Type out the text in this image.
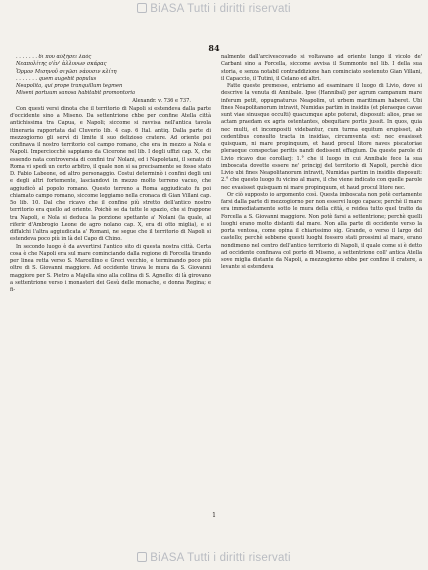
BiASA Tutti i diritti riservati
84
. . . . . . . δι που αὐξήσει λαὸς
Νεαπολίτης ο'ἐν' ἀλλυνων σκάρας
Ὄρμον Μισηνοῦ σιγῶσι νάουσιν κλίτη
. . . . . . . quem augebit populus
Neapolita, qui prope tranquillum tegmen
Miseni portuum sanosa habitabit promontoria
Alexandr. v. 736 e 737.

Con questi versi dinota che il territorio di Napoli si estendeva dalla parte d'occidente sino a Miseno. Da settentrione chbe per confine Atella città antichissima tra Capua, e Napoli; siccome si ravvisa nell'antica tavola itineraria rapportata dal Cluverio lib. 4 cap. 6 Ital. antiq. Dalla parte di mezzogiorno gli servì di limite il suo delizioso cratere. Ad oriente poi confinava il nostro territorio col campo romano, che era in mezzo a Nola e Napoli. Imperciocchè sappiamo da Cicerone nel lib. I degli uffizi cap. X, che essendo nata controversia di confini tra' Nolani, ed i Napoletani, il senato di Roma vi spedì un certo arbitro, il quale non si sa precisamente se fosse stato D. Fabio Labeone, od altro personaggio. Costui determinò i confini degli uni e degli altri fortemente, lasciandovi in mezzo molto terreno vacuo, che aggiudicò al popolo romano. Questo terreno a Roma aggiudicato fu poi chiamato campo romano, siccome leggiamo nella cronaca di Gian Villani cap. 5o lib. 10. Dal che ricavo che il confine più stretto dell'antico nostro territorio era quello ad oriente. Poichè se da tutte le spazio, che si frappone tra Napoli, e Nola si deduca la porzione spettante a' Nolani (la quale, al riferir d'Ambrogio Leone de agro nolano cap. X, era di otto miglia), e si diffalchi l'altra aggiudicata a' Romani, ne segue che il territorio di Napoli si estendeva poco più in là del Capo di Chino.

In secondo luogo è da avvertirsi l'antico sito di questa nostra città. Certa cosa è che Napoli era sul mare cominciando dalla regione di Forcella tirando per linea retta verso S. Marcellino e Greci vecchio, e terminando poco più oltre di S. Giovanni maggiore. Ad occidente tirava le mura da S. Giovanni maggiore per S. Pietro a Majella sino alla collina di S. Agnello: di là girovano a settentrione verso i monasteri dei Gesù delle monache, e donna Regina; e fi-

nalmente dall'arcivescovado si voltavano ad oriente lungo il vicolo de' Carbani sino a Forcella, siccome avvisa il Summonte nel lib. I della sua storia, e senza notabil contraddizione han cominciato sostenuto Gian Villani, il Capaccio, il Tutini, il Celano ed altri.

Fatte queste premesse, entriamo ad esaminare il luogo di Livio, dove si descrive la venuta di Annibale. Ipse (Hannibal) per agrum campanum mare inferum petit, oppugnaturus Neapolim, ut urbem maritimam haberet. Ubi fines Neapolitanorum intravit, Numidas partim in insidiis (et pleraeque cavae sunt viae sinusque occulti) quacumque apte poterat, disposuit: alios, prae se actam praedam ex agris ostentantes, obequitare portis jussit. In quos, quia nec multi, et incompositi videbantur, cum turma equitum erupisset, ab cedentibus consulto tracta in insidias, circumventa est: nec evasisset quisquam, ni mare propinquum, et haud procul litore naves piscatoriae pleraeque conspectae peritis nandi dedissent effugium. Da queste parole di Livio ricavo due corollarj: 1.° che il luogo in cui Annibale fece la sua imboscata dovette essere ne' principj del territorio di Napoli, perchè dice Livio ubi fines Neapolitanorum intravit, Numidas partim in insidiis disposuit: 2.° che questo luogo fu vicino al mare, il che viene indicato con quelle parole nec evasisset quisquam ni mare propinquum, et haud procul litore nec.

Or ciò supposto io argomento così. Questa imboscata non potè certamente farsi dalla parte di mezzogiorno per non esservi luogo capace; perchè il mare era immediatamente sotto le mura della città, e reidea tutto quel tratto da Forcella a S. Giovanni maggiore. Non potè farsi a settentrione; perchè quelli luoghi erano molto distanti dal mare. Non alla parte di occidente verso la porta ventosa, come opina il chiarissimo sig. Grande, o verso il largo del castello; perchè sebbene questi luoghi fossero stati prossimi al mare, erano nondimeno nel centro dell'antico territorio di Napoli, il quale come si è detto ad occidente confinava col porto di Miseno, a settentrione coll' antica Atella sove miglia distante da Napoli, a mezzogiorno ebbe per confine il cratere, a levante si estendeva

1
BiASA Tutti i diritti riservati
